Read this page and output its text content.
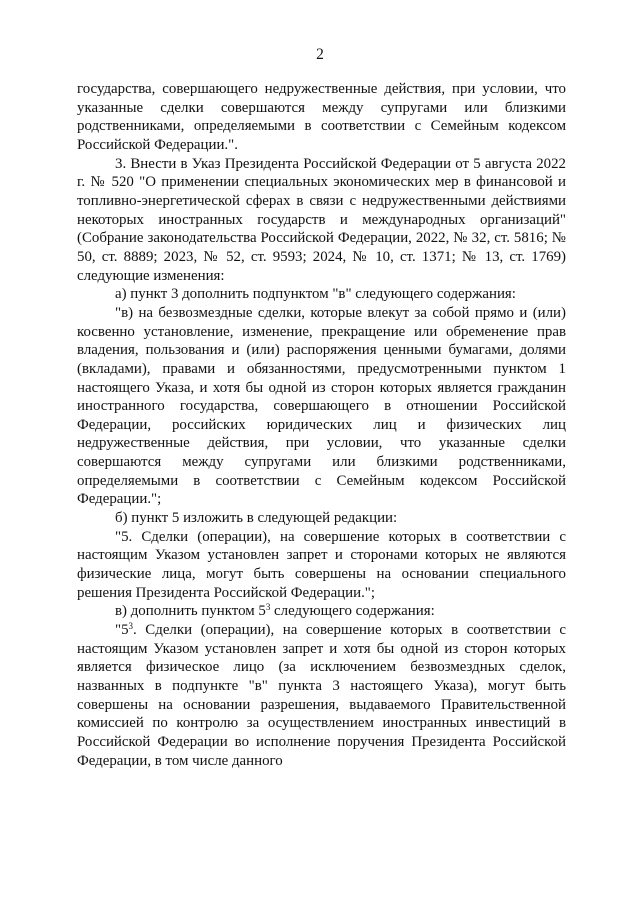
2

государства, совершающего недружественные действия, при условии, что указанные сделки совершаются между супругами или близкими родственниками, определяемыми в соответствии с Семейным кодексом Российской Федерации.".

3. Внести в Указ Президента Российской Федерации от 5 августа 2022 г. № 520 "О применении специальных экономических мер в финансовой и топливно-энергетической сферах в связи с недружественными действиями некоторых иностранных государств и международных организаций" (Собрание законодательства Российской Федерации, 2022, № 32, ст. 5816; № 50, ст. 8889; 2023, № 52, ст. 9593; 2024, № 10, ст. 1371; № 13, ст. 1769) следующие изменения:

а) пункт 3 дополнить подпунктом "в" следующего содержания:

"в) на безвозмездные сделки, которые влекут за собой прямо и (или) косвенно установление, изменение, прекращение или обременение прав владения, пользования и (или) распоряжения ценными бумагами, долями (вкладами), правами и обязанностями, предусмотренными пунктом 1 настоящего Указа, и хотя бы одной из сторон которых является гражданин иностранного государства, совершающего в отношении Российской Федерации, российских юридических лиц и физических лиц недружественные действия, при условии, что указанные сделки совершаются между супругами или близкими родственниками, определяемыми в соответствии с Семейным кодексом Российской Федерации.";

б) пункт 5 изложить в следующей редакции:

"5. Сделки (операции), на совершение которых в соответствии с настоящим Указом установлен запрет и сторонами которых не являются физические лица, могут быть совершены на основании специального решения Президента Российской Федерации.";

в) дополнить пунктом $5^3$ следующего содержания:

"$5^3$. Сделки (операции), на совершение которых в соответствии с настоящим Указом установлен запрет и хотя бы одной из сторон которых является физическое лицо (за исключением безвозмездных сделок, названных в подпункте "в" пункта 3 настоящего Указа), могут быть совершены на основании разрешения, выдаваемого Правительственной комиссией по контролю за осуществлением иностранных инвестиций в Российской Федерации во исполнение поручения Президента Российской Федерации, в том числе данного
